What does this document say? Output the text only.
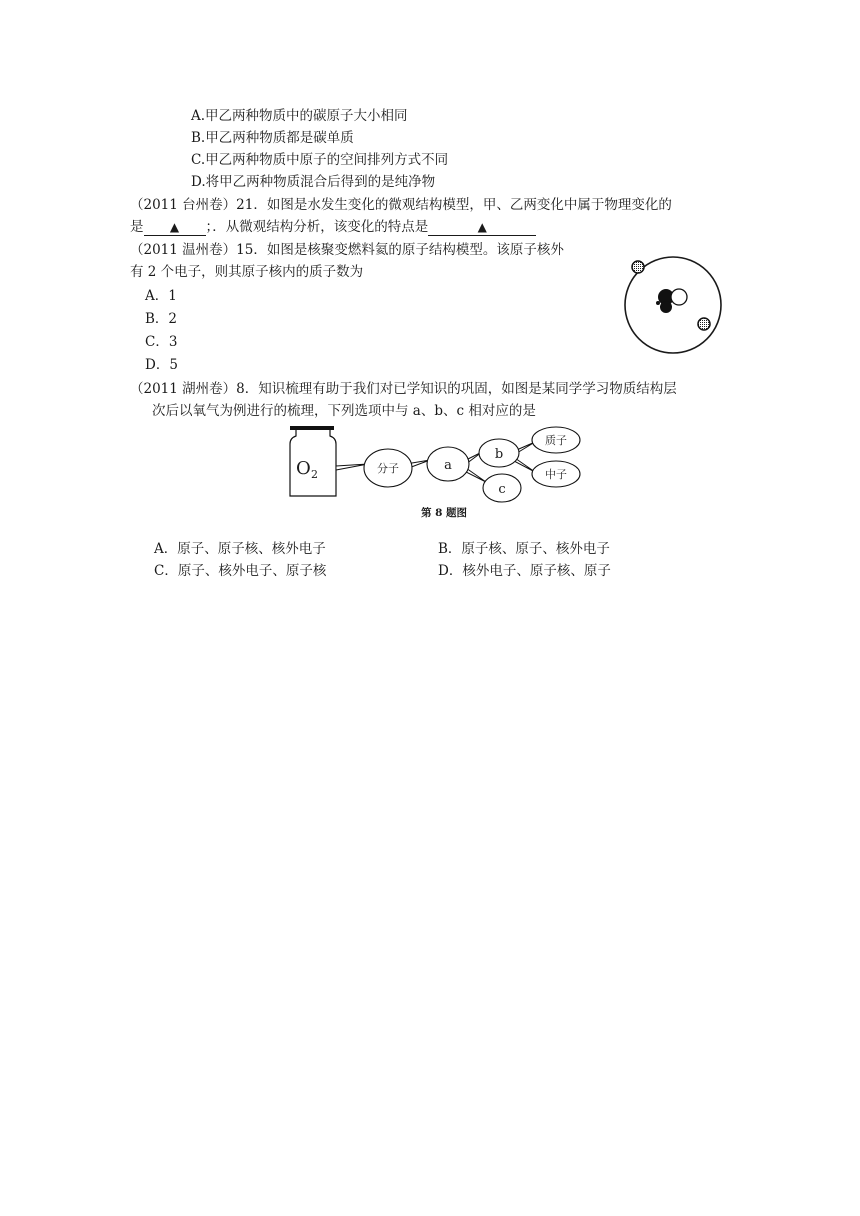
A.甲乙两种物质中的碳原子大小相同
B.甲乙两种物质都是碳单质
C.甲乙两种物质中原子的空间排列方式不同
D.将甲乙两种物质混合后得到的是纯净物
（2011 台州卷）21．如图是水发生变化的微观结构模型，甲、乙两变化中属于物理变化的
是 ▲ ；．从微观结构分析，该变化的特点是	▲
（2011 温州卷）15．如图是核聚变燃料氦的原子结构模型。该原子核外
有 2 个电子，则其原子核内的质子数为
A．1
B．2
C．3
D．5
（2011 湖州卷）8．知识梳理有助于我们对已学知识的巩固，如图是某同学学习物质结构层
次后以氧气为例进行的梳理，下列选项中与 a、b、c 相对应的是
O 2	分子	a
b
c
质子
中子
第 8 题图
A．原子、原子核、核外电子	B．原子核、原子、核外电子
C．原子、核外电子、原子核	D．核外电子、原子核、原子
